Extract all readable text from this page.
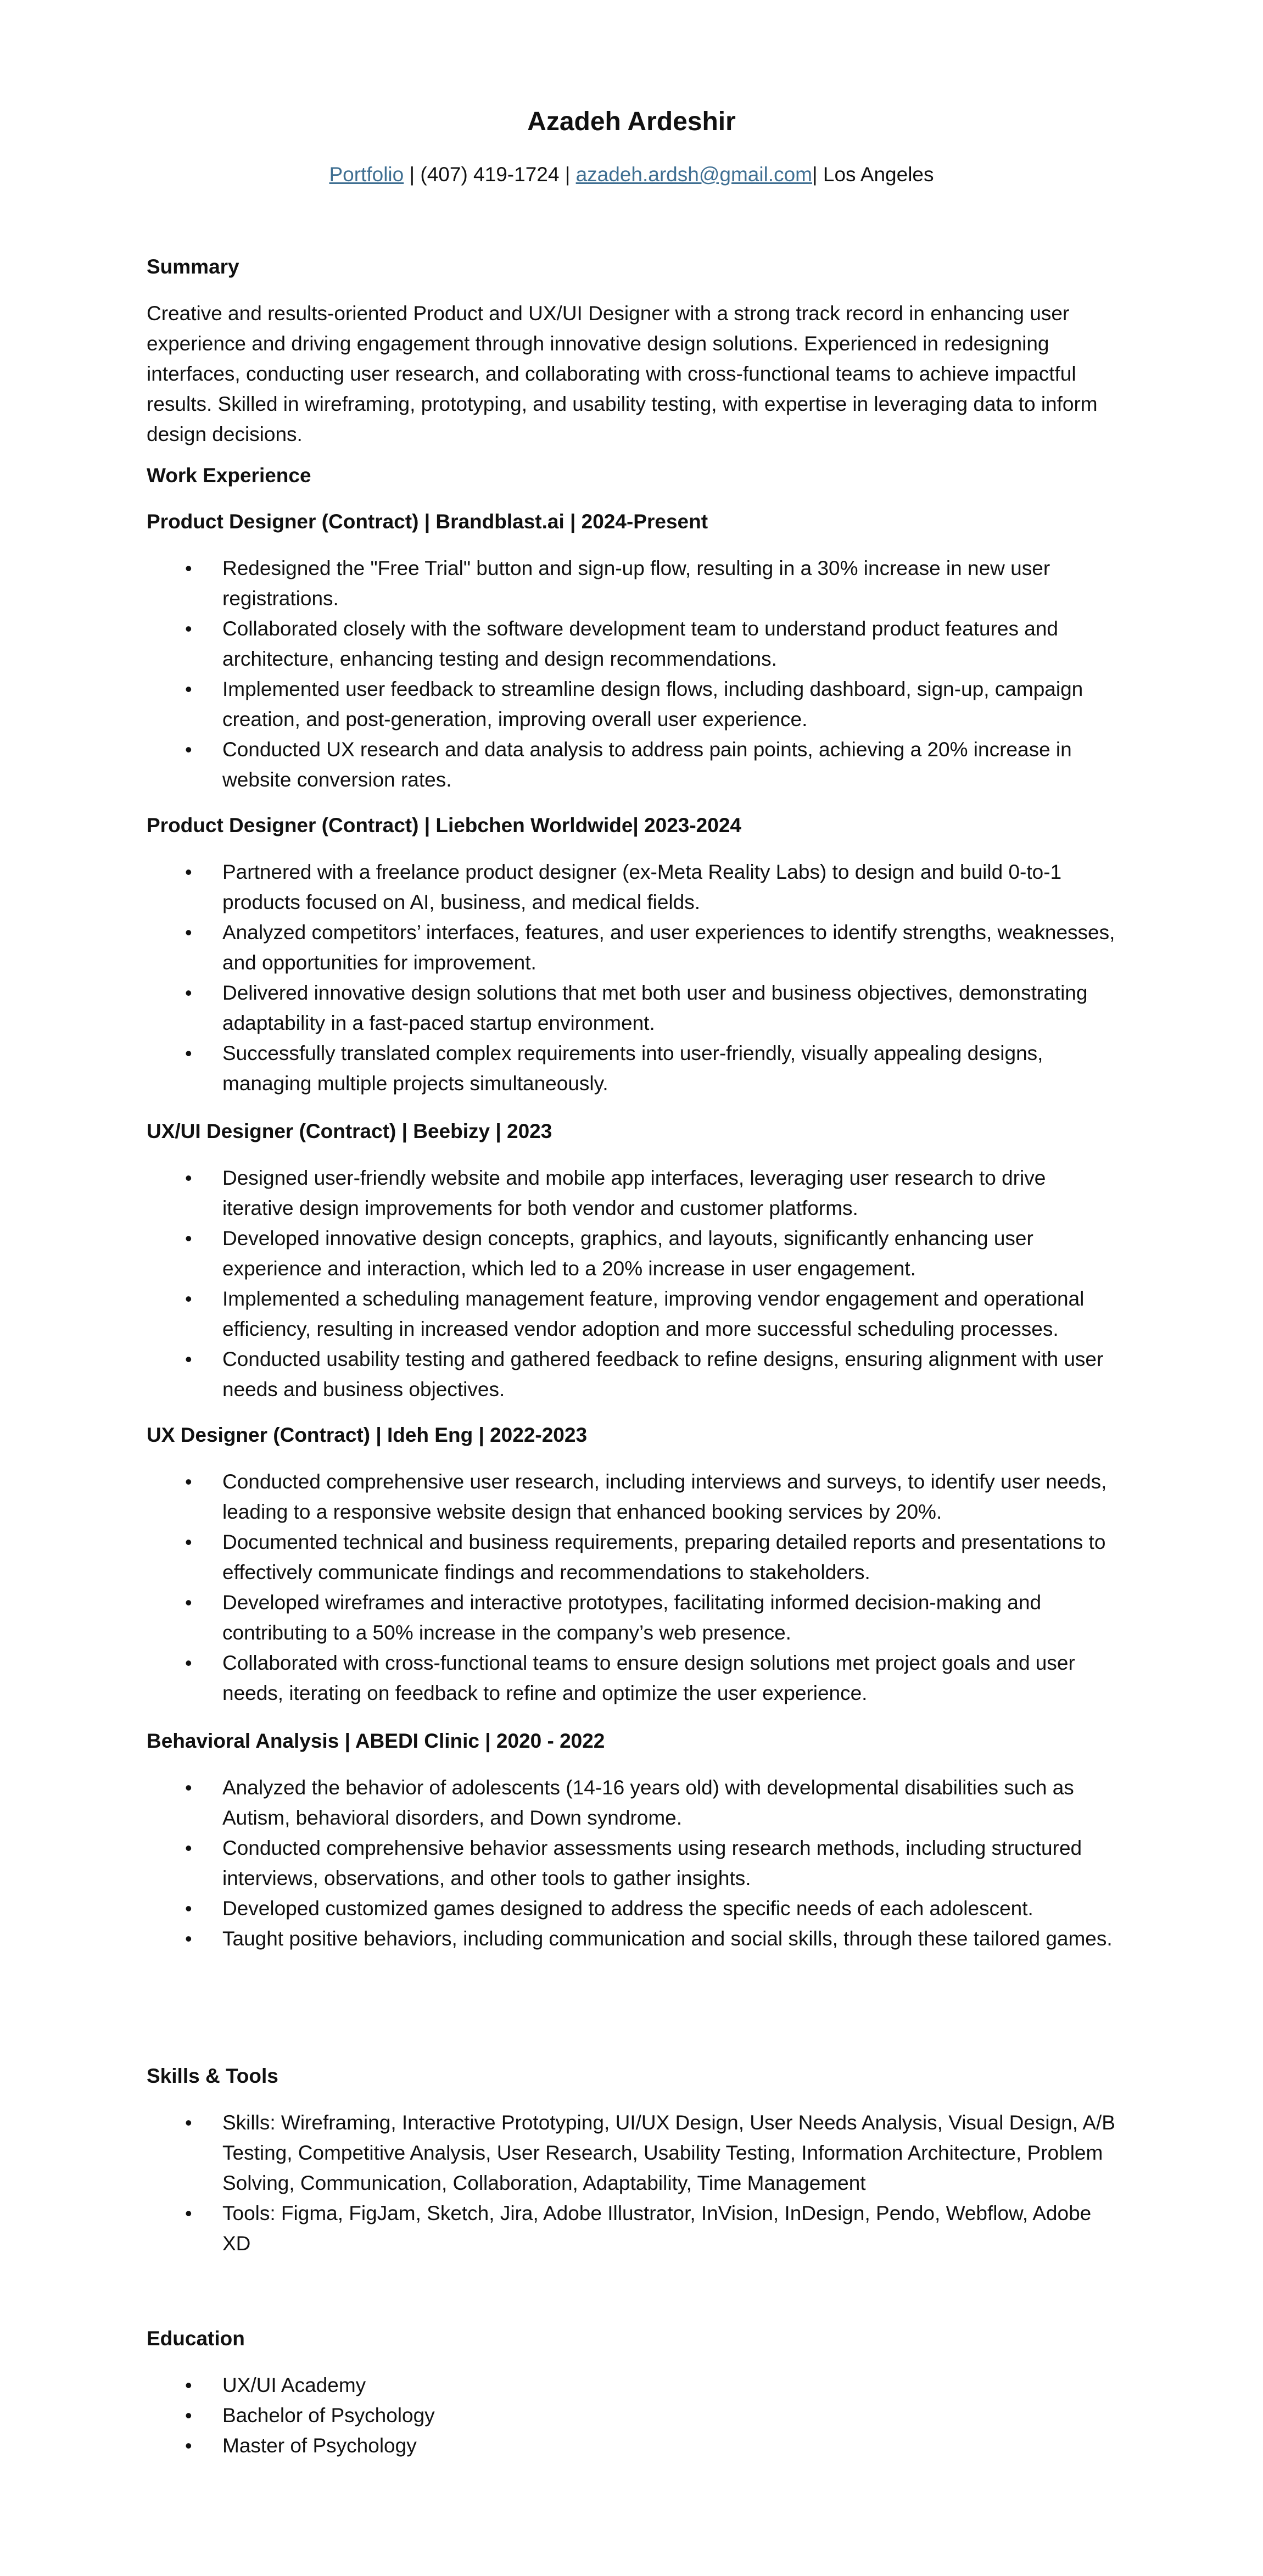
Azadeh Ardeshir
Portfolio | (407) 419-1724 | azadeh.ardsh@gmail.com| Los Angeles

Summary

Creative and results-oriented Product and UX/UI Designer with a strong track record in enhancing user experience and driving engagement through innovative design solutions. Experienced in redesigning interfaces, conducting user research, and collaborating with cross-functional teams to achieve impactful results. Skilled in wireframing, prototyping, and usability testing, with expertise in leveraging data to inform design decisions.

Work Experience

Product Designer (Contract) | Brandblast.ai | 2024-Present

• Redesigned the "Free Trial" button and sign-up flow, resulting in a 30% increase in new user registrations.
• Collaborated closely with the software development team to understand product features and architecture, enhancing testing and design recommendations.
• Implemented user feedback to streamline design flows, including dashboard, sign-up, campaign creation, and post-generation, improving overall user experience.
• Conducted UX research and data analysis to address pain points, achieving a 20% increase in website conversion rates.

Product Designer (Contract) | Liebchen Worldwide| 2023-2024

• Partnered with a freelance product designer (ex-Meta Reality Labs) to design and build 0-to-1 products focused on AI, business, and medical fields.
• Analyzed competitors’ interfaces, features, and user experiences to identify strengths, weaknesses, and opportunities for improvement.
• Delivered innovative design solutions that met both user and business objectives, demonstrating adaptability in a fast-paced startup environment.
• Successfully translated complex requirements into user-friendly, visually appealing designs, managing multiple projects simultaneously.

UX/UI Designer (Contract) | Beebizy | 2023

• Designed user-friendly website and mobile app interfaces, leveraging user research to drive iterative design improvements for both vendor and customer platforms.
• Developed innovative design concepts, graphics, and layouts, significantly enhancing user experience and interaction, which led to a 20% increase in user engagement.
• Implemented a scheduling management feature, improving vendor engagement and operational efficiency, resulting in increased vendor adoption and more successful scheduling processes.
• Conducted usability testing and gathered feedback to refine designs, ensuring alignment with user needs and business objectives.

UX Designer (Contract) | Ideh Eng | 2022-2023

• Conducted comprehensive user research, including interviews and surveys, to identify user needs, leading to a responsive website design that enhanced booking services by 20%.
• Documented technical and business requirements, preparing detailed reports and presentations to effectively communicate findings and recommendations to stakeholders.
• Developed wireframes and interactive prototypes, facilitating informed decision-making and contributing to a 50% increase in the company’s web presence.
• Collaborated with cross-functional teams to ensure design solutions met project goals and user needs, iterating on feedback to refine and optimize the user experience.

Behavioral Analysis | ABEDI Clinic | 2020 - 2022

• Analyzed the behavior of adolescents (14-16 years old) with developmental disabilities such as Autism, behavioral disorders, and Down syndrome.
• Conducted comprehensive behavior assessments using research methods, including structured interviews, observations, and other tools to gather insights.
• Developed customized games designed to address the specific needs of each adolescent.
• Taught positive behaviors, including communication and social skills, through these tailored games.

Skills & Tools

• Skills: Wireframing, Interactive Prototyping, UI/UX Design, User Needs Analysis, Visual Design, A/B Testing, Competitive Analysis, User Research, Usability Testing, Information Architecture, Problem Solving, Communication, Collaboration, Adaptability, Time Management
• Tools: Figma, FigJam, Sketch, Jira, Adobe Illustrator, InVision, InDesign, Pendo, Webflow, Adobe XD

Education

• UX/UI Academy
• Bachelor of Psychology
• Master of Psychology
